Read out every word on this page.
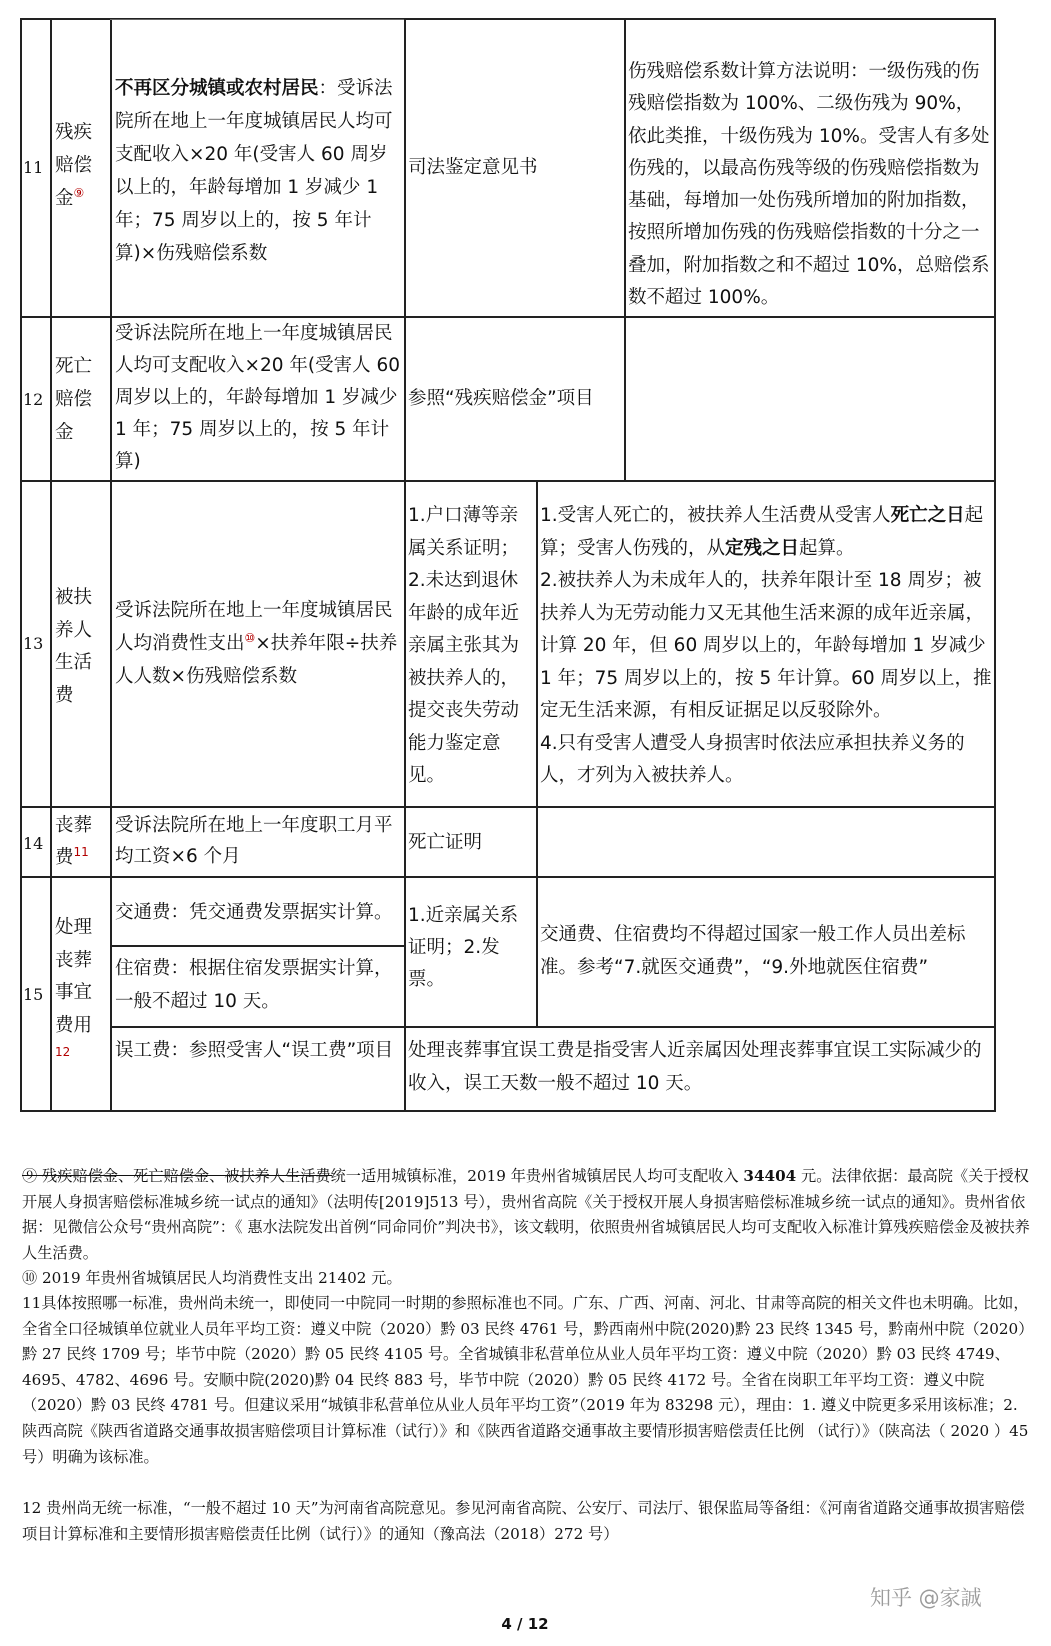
11
残疾赔偿金⑨
不再区分城镇或农村居民：受诉法院所在地上一年度城镇居民人均可支配收入×20 年(受害人 60 周岁以上的，年龄每增加 1 岁减少 1 年；75 周岁以上的，按 5 年计算)×伤残赔偿系数
司法鉴定意见书
伤残赔偿系数计算方法说明：一级伤残的伤残赔偿指数为 100%、二级伤残为 90%，依此类推，十级伤残为 10%。受害人有多处伤残的，以最高伤残等级的伤残赔偿指数为基础，每增加一处伤残所增加的附加指数，按照所增加伤残的伤残赔偿指数的十分之一叠加，附加指数之和不超过 10%，总赔偿系数不超过 100%。
12
死亡赔偿金
受诉法院所在地上一年度城镇居民人均可支配收入×20 年(受害人 60 周岁以上的，年龄每增加 1 岁减少 1 年；75 周岁以上的，按 5 年计算)
参照“残疾赔偿金”项目
13
被扶养人生活费
受诉法院所在地上一年度城镇居民人均消费性支出⑩×扶养年限÷扶养人人数×伤残赔偿系数
1.户口薄等亲属关系证明；2.未达到退休年龄的成年近亲属主张其为被扶养人的，提交丧失劳动能力鉴定意见。

1.受害人死亡的，被扶养人生活费从受害人死亡之日起算；受害人伤残的，从定残之日起算。

2.被扶养人为未成年人的，扶养年限计至 18 周岁；被扶养人为无劳动能力又无其他生活来源的成年近亲属，计算 20 年，但 60 周岁以上的，年龄每增加 1 岁减少 1 年；75 周岁以上的，按 5 年计算。60 周岁以上，推定无生活来源，有相反证据足以反驳除外。

4.只有受害人遭受人身损害时依法应承担扶养义务的人，才列为入被扶养人。

14
丧葬费$^{11}$
受诉法院所在地上一年度职工月平均工资×6 个月
死亡证明
15
处理丧葬事宜费用
$^{12}$
交通费：凭交通费发票据实计算。
住宿费：根据住宿发票据实计算，一般不超过 10 天。
1.近亲属关系证明；2.发票。
交通费、住宿费均不得超过国家一般工作人员出差标准。参考“7.就医交通费”，“9.外地就医住宿费”
误工费：参照受害人“误工费”项目 处理丧葬事宜误工费是指受害人近亲属因处理丧葬事宜误工实际减少的收入，误工天数一般不超过 10 天。
⑨ 残疾赔偿金、死亡赔偿金、被扶养人生活费统一适用城镇标准，2019 年贵州省城镇居民人均可支配收入 34404 元。法律依据：最高院《关于授权开展人身损害赔偿标准城乡统一试点的通知》（法明传[2019]513 号），贵州省高院《关于授权开展人身损害赔偿标准城乡统一试点的通知》。贵州省依据：见微信公众号“贵州高院”：《 惠水法院发出首例“同命同价”判决书》，该文载明，依照贵州省城镇居民人均可支配收入标准计算残疾赔偿金及被扶养人生活费。
⑩ 2019 年贵州省城镇居民人均消费性支出 21402 元。
11具体按照哪一标准，贵州尚未统一，即使同一中院同一时期的参照标准也不同。广东、广西、河南、河北、甘肃等高院的相关文件也未明确。比如，全省全口径城镇单位就业人员年平均工资：遵义中院（2020）黔 03 民终 4761 号，黔西南州中院(2020)黔 23 民终 1345 号，黔南州中院（2020）黔 27 民终 1709 号；毕节中院（2020）黔 05 民终 4105 号。全省城镇非私营单位从业人员年平均工资：遵义中院（2020）黔 03 民终 4749、4695、4782、4696 号。安顺中院(2020)黔 04 民终 883 号，毕节中院（2020）黔 05 民终 4172 号。全省在岗职工年平均工资：遵义中院（2020）黔 03 民终 4781 号。但建议采用“城镇非私营单位从业人员年平均工资”（2019 年为 83298 元），理由：1. 遵义中院更多采用该标准；2. 陕西高院《陕西省道路交通事故损害赔偿项目计算标准（试行）》和《陕西省道路交通事故主要情形损害赔偿责任比例 （试行）》（陕高法（ 2020 ）45 号）明确为该标准。
12 贵州尚无统一标准，“一般不超过 10 天”为河南省高院意见。参见河南省高院、公安厅、司法厅、银保监局等备组：《河南省道路交通事故损害赔偿项目计算标准和主要情形损害赔偿责任比例（试行）》的通知（豫高法（2018）272 号）
知乎 @家誠
4 / 12
